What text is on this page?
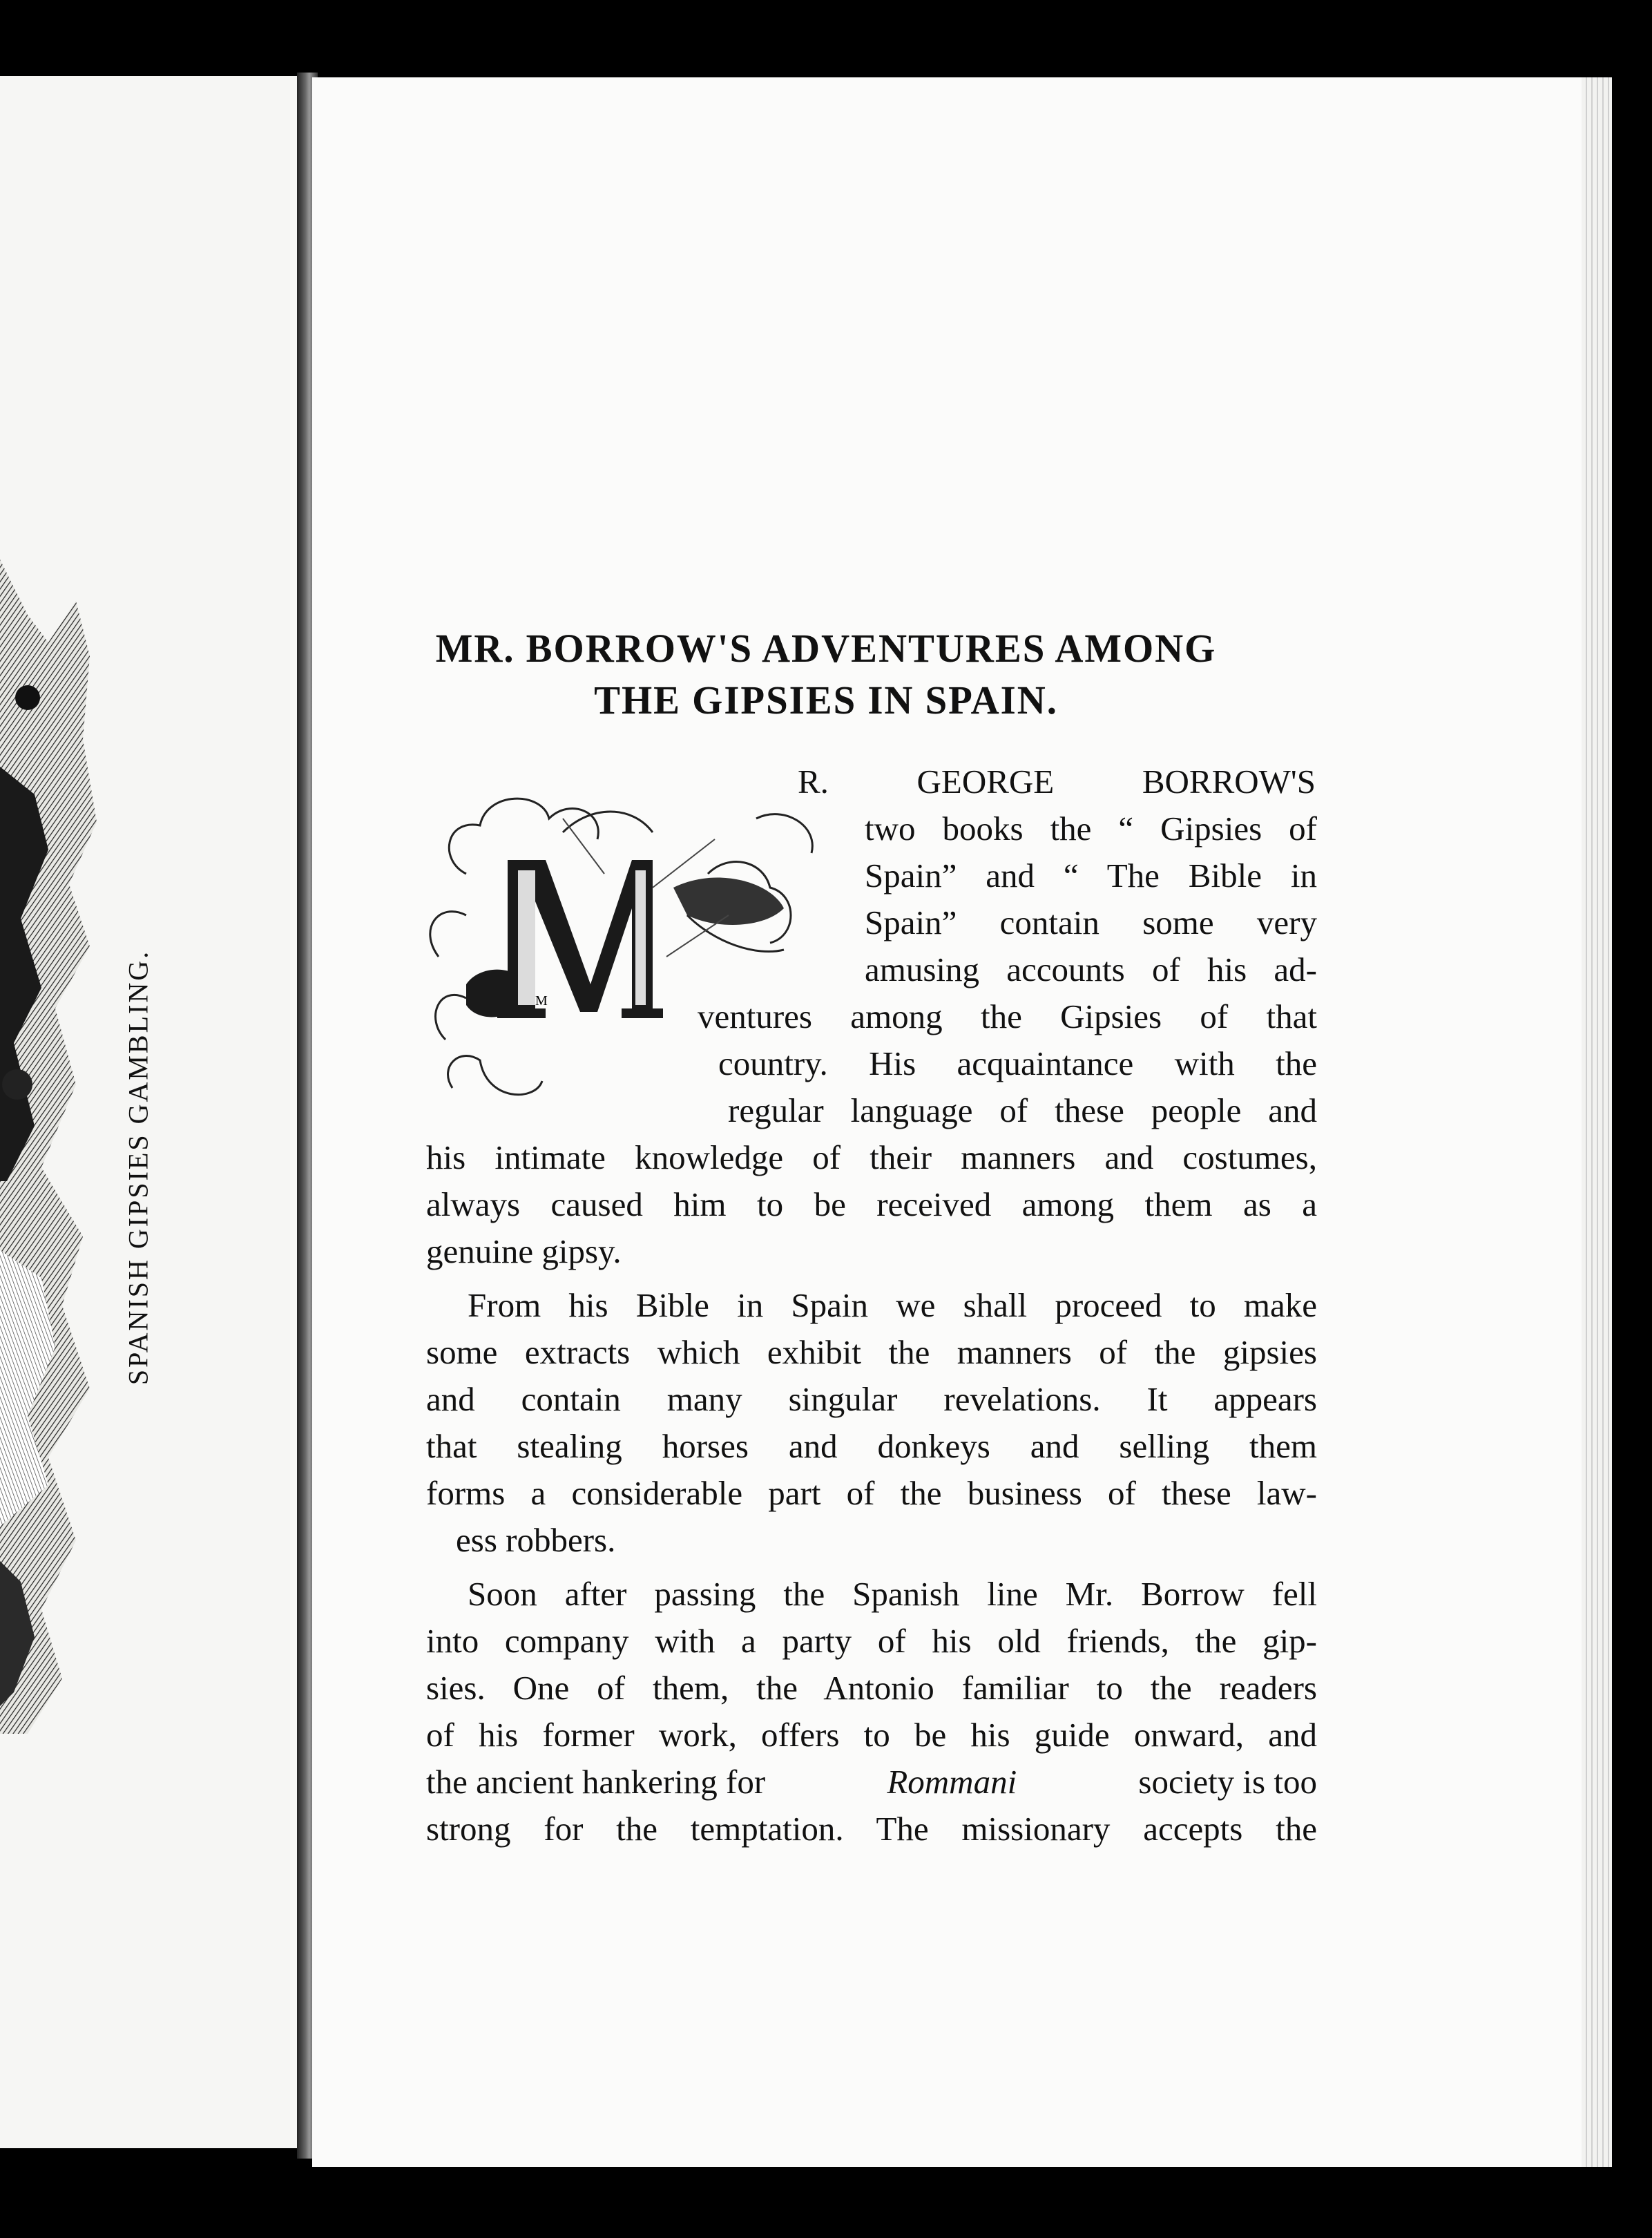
SPANISH GIPSIES GAMBLING.
MR. BORROW'S ADVENTURES AMONG
THE GIPSIES IN SPAIN.
M
R. GEORGE BORROW'S
two books the “ Gipsies of
Spain” and “ The Bible in
Spain” contain some very
amusing accounts of his ad-
ventures among the Gipsies of that
country. His acquaintance with the
regular language of these people and
his intimate knowledge of their manners and costumes,
always caused him to be received among them as a
genuine gipsy.
From his Bible in Spain we shall proceed to make
some extracts which exhibit the manners of the gipsies
and contain many singular revelations. It appears
that stealing horses and donkeys and selling them
forms a considerable part of the business of these law-
ess robbers.
Soon after passing the Spanish line Mr. Borrow fell
into company with a party of his old friends, the gip-
sies. One of them, the Antonio familiar to the readers
of his former work, offers to be his guide onward, and
the ancient hankering for	Rommani	society is too
strong for the temptation. The missionary accepts the
